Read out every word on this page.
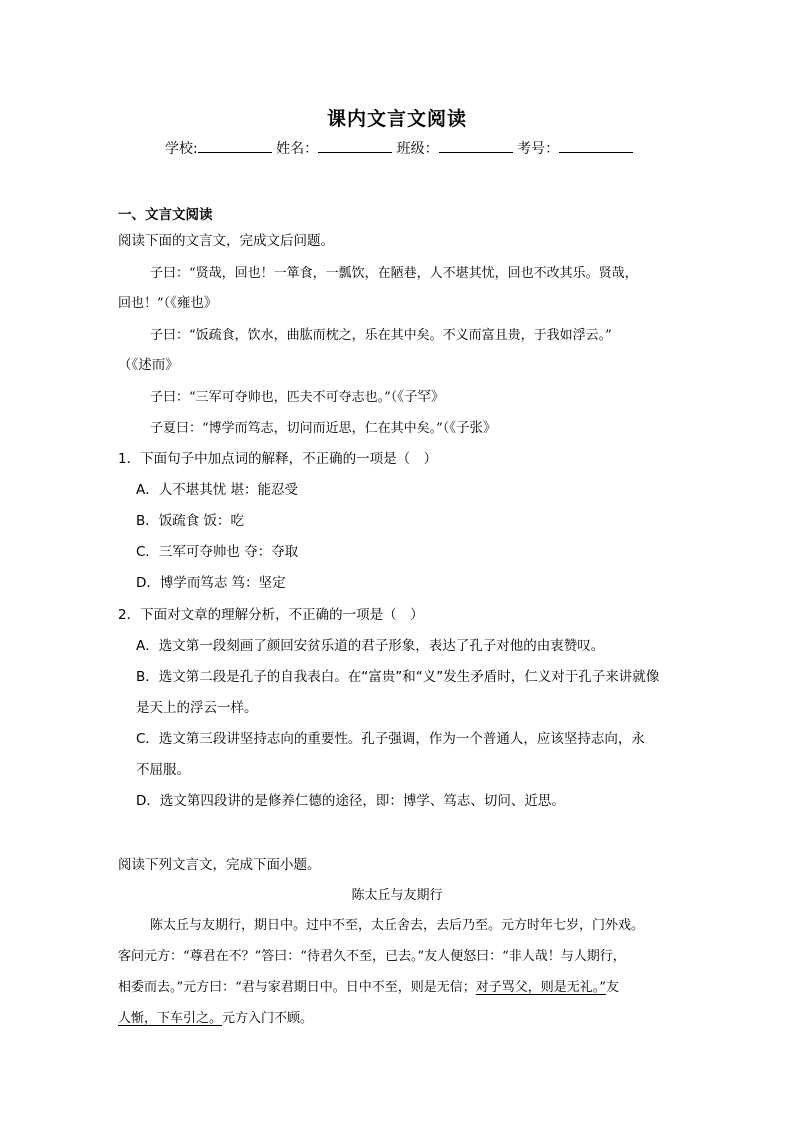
课内文言文阅读
学校:	姓名：	班级：	考号：
一、文言文阅读
阅读下面的文言文，完成文后问题。
子曰：“贤哉，回也！一箪食，一瓢饮，在陋巷，人不堪其忧，回也不改其乐。贤哉，
回也！”（《雍也》
子曰：“饭疏食，饮水，曲肱而枕之，乐在其中矣。不义而富且贵，于我如浮云。”
（《述而》
子曰：“三军可夺帅也，匹夫不可夺志也。”（《子罕》
子夏曰：“博学而笃志，切问而近思，仁在其中矣。”（《子张》
1．下面句子中加点词的解释，不正确的一项是（　）
A．人不堪其忧 堪：能忍受
B．饭疏食 饭：吃
C．三军可夺帅也 夺：夺取
D．博学而笃志 笃：坚定
2．下面对文章的理解分析，不正确的一项是（　）
A．选文第一段刻画了颜回安贫乐道的君子形象，表达了孔子对他的由衷赞叹。
B．选文第二段是孔子的自我表白。在“富贵”和“义”发生矛盾时，仁义对于孔子来讲就像
是天上的浮云一样。
C．选文第三段讲坚持志向的重要性。孔子强调，作为一个普通人，应该坚持志向，永
不屈服。
D．选文第四段讲的是修养仁德的途径，即：博学、笃志、切问、近思。
阅读下列文言文，完成下面小题。
陈太丘与友期行
陈太丘与友期行，期日中。过中不至，太丘舍去，去后乃至。元方时年七岁，门外戏。
客问元方：“尊君在不？”答曰：“待君久不至，已去。”友人便怒曰：“非人哉！与人期行，
相委而去。”元方曰：“君与家君期日中。日中不至，则是无信；对子骂父，则是无礼。”友
人惭，下车引之。元方入门不顾。
